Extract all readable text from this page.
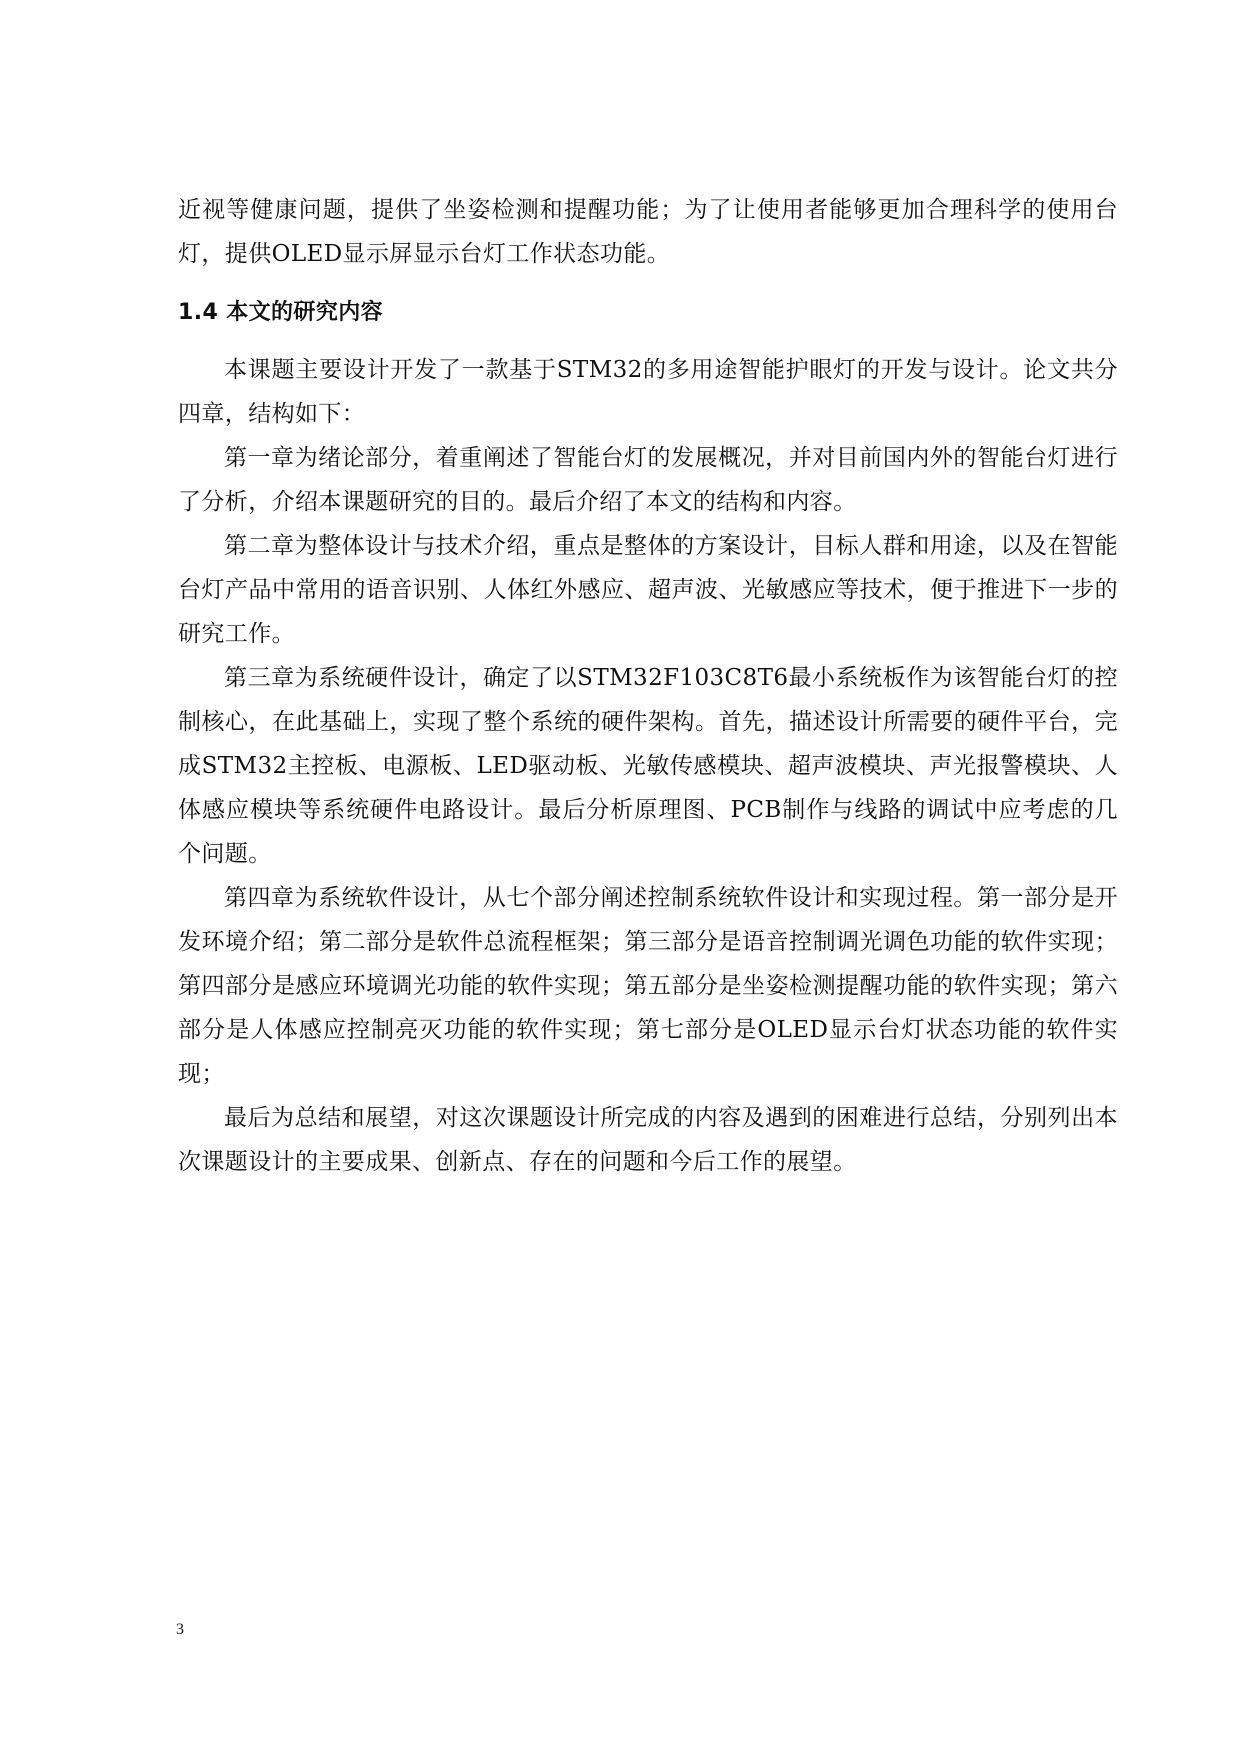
近视等健康问题，提供了坐姿检测和提醒功能；为了让使用者能够更加合理科学的使用台灯，提供OLED显示屏显示台灯工作状态功能。

1.4 本文的研究内容

本课题主要设计开发了一款基于STM32的多用途智能护眼灯的开发与设计。论文共分四章，结构如下：

第一章为绪论部分，着重阐述了智能台灯的发展概况，并对目前国内外的智能台灯进行了分析，介绍本课题研究的目的。最后介绍了本文的结构和内容。

第二章为整体设计与技术介绍，重点是整体的方案设计，目标人群和用途，以及在智能台灯产品中常用的语音识别、人体红外感应、超声波、光敏感应等技术，便于推进下一步的研究工作。

第三章为系统硬件设计，确定了以STM32F103C8T6最小系统板作为该智能台灯的控制核心，在此基础上，实现了整个系统的硬件架构。首先，描述设计所需要的硬件平台，完成STM32主控板、电源板、LED驱动板、光敏传感模块、超声波模块、声光报警模块、人体感应模块等系统硬件电路设计。最后分析原理图、PCB制作与线路的调试中应考虑的几个问题。

第四章为系统软件设计，从七个部分阐述控制系统软件设计和实现过程。第一部分是开发环境介绍；第二部分是软件总流程框架；第三部分是语音控制调光调色功能的软件实现；第四部分是感应环境调光功能的软件实现；第五部分是坐姿检测提醒功能的软件实现；第六部分是人体感应控制亮灭功能的软件实现；第七部分是OLED显示台灯状态功能的软件实现；

最后为总结和展望，对这次课题设计所完成的内容及遇到的困难进行总结，分别列出本次课题设计的主要成果、创新点、存在的问题和今后工作的展望。

3
